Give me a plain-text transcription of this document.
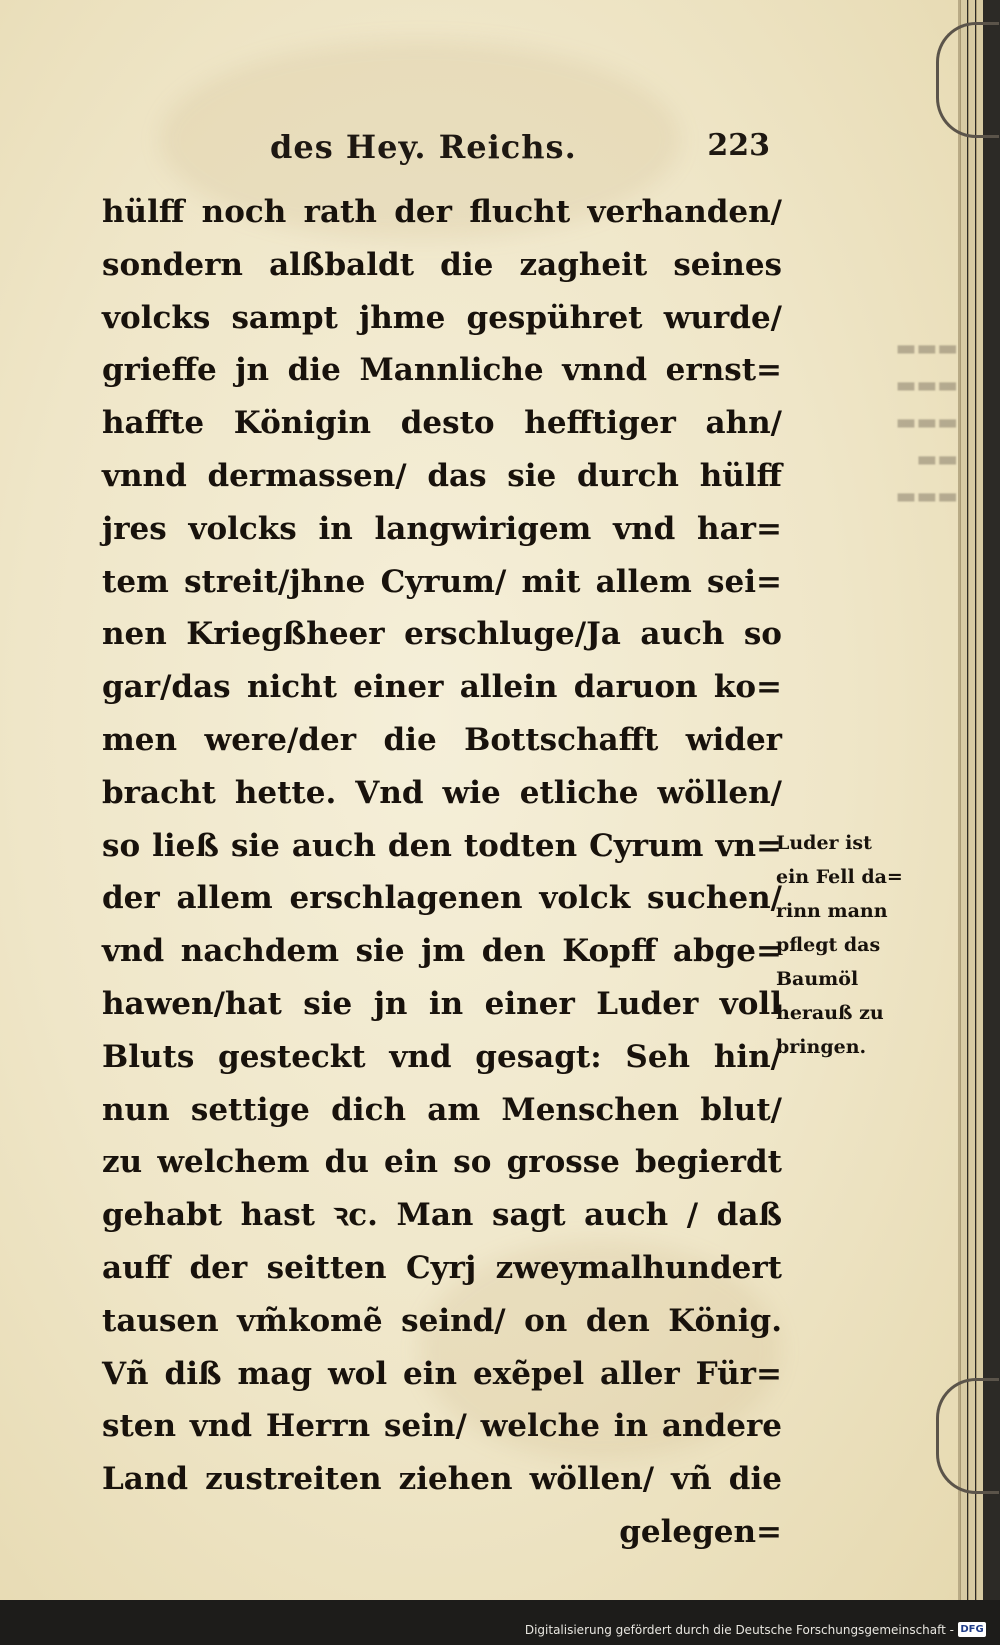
▬▬▬
▬▬▬
▬▬▬
▬▬
▬▬▬
des Hey. Reichs.	223
hülff noch rath der flucht verhanden/
sondern alßbaldt die zagheit seines
volcks sampt jhme gespühret wurde/
grieffe jn die Mannliche vnnd ernst=
haffte Königin desto hefftiger ahn/
vnnd dermassen/ das sie durch hülff
jres volcks in langwirigem vnd har=
tem streit/jhne Cyrum/ mit allem sei=
nen Kriegßheer erschluge/Ja auch so
gar/das nicht einer allein daruon ko=
men were/der die Bottschafft wider
bracht hette. Vnd wie etliche wöllen/
so ließ sie auch den todten Cyrum vn=
der allem erschlagenen volck suchen/
vnd nachdem sie jm den Kopff abge=
hawen/hat sie jn in einer Luder voll
Bluts gesteckt vnd gesagt: Seh hin/
nun settige dich am Menschen blut/
zu welchem du ein so grosse begierdt
gehabt hast ꝛc. Man sagt auch / daß
auff der seitten Cyrj zweymalhundert
tausen vm̃komẽ seind/ on den König.
Vñ diß mag wol ein exẽpel aller Für=
sten vnd Herrn sein/ welche in andere
Land zustreiten ziehen wöllen/ vñ die
gelegen=
Luder ist
ein Fell da=
rinn mann
pflegt das
Baumöl
herauß zu
bringen.
Digitalisierung gefördert durch die Deutsche Forschungsgemeinschaft - DFG
